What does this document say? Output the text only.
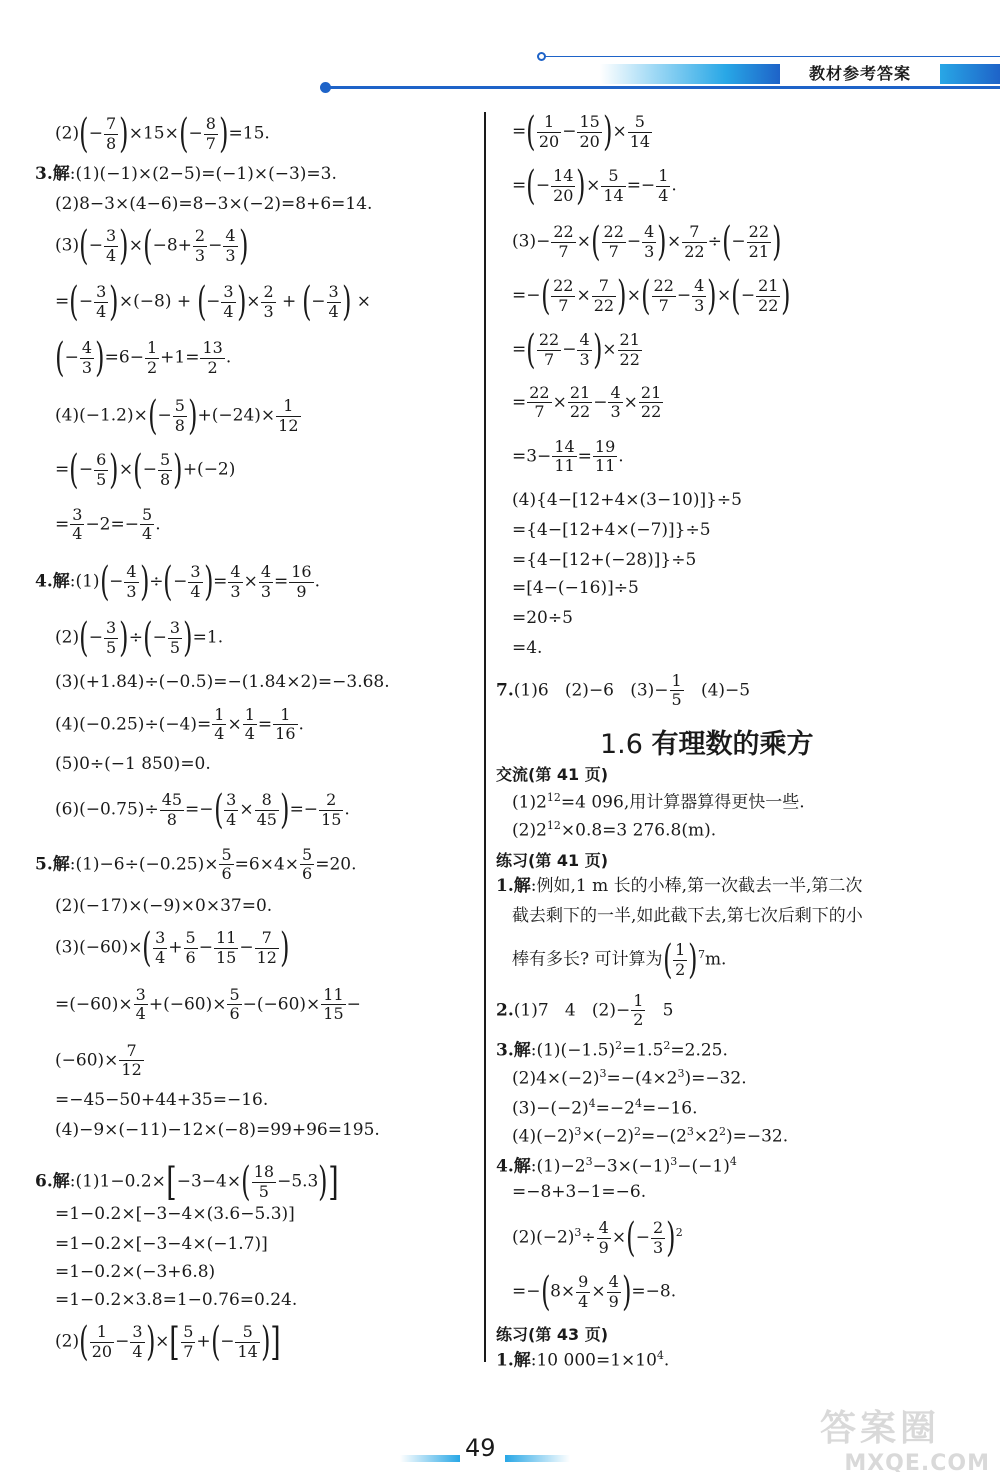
教材参考答案
$(2)(- \frac{7}{8} )\times 15\times(- \frac{8}{7} )=15$.
3.解:(1)(−1)×(2−5)=(−1)×(−3)=3.
(2)8−3×(4−6)=8−3×(−2)=8+6=14.
$(3)(- \frac{3}{4} )\times(-8+ \frac{2}{3} - \frac{4}{3}$ )
=(− $\frac{3}{4} )\times(-8)$ + (− $\frac{3}{4}$ )× $\frac{2}{3}$ + (− $\frac{3}{4}$ ) ×
(− $\frac{4}{3} )=6- \frac{1}{2} +1= \frac{13}{2}$ .
$(4)(-1.2)\times(- \frac{5}{8} )+(-24)\times \frac{1}{12}$
=(− $\frac{6}{5}$ )×(− $\frac{5}{8} )+(-2)$
= $\frac{3}{4} -2=- \frac{5}{4}$ .
4.解:(1)(− $\frac{4}{3}$ )÷(− $\frac{3}{4}$ )= $\frac{4}{3} \times \frac{4}{3} = \frac{16}{9}$ .
$(2)(- \frac{3}{5}$ )÷(− $\frac{3}{5} )=1$.
(3)(+1.84)÷(−0.5)=−(1.84×2)=−3.68.
$(4)(-0.25)\div(-4)= \frac{1}{4} \times \frac{1}{4} = \frac{1}{16}$ .
(5)0÷(−1 850)=0.
$(6)(-0.75)\div \frac{45}{8}$ =−( $\frac{3}{4} \times \frac{8}{45}$ )=− $\frac{2}{15}$ .
5.解:(1)−6÷(−0.25)× $\frac{5}{6} =6\times 4\times \frac{5}{6} =20$.
(2)(−17)×(−9)×0×37=0.
$(3)(-60)\times( \frac{3}{4} + \frac{5}{6} - \frac{11}{15} - \frac{7}{12}$ )
$=(-60)\times \frac{3}{4} +(-60)\times \frac{5}{6} -(-60)\times \frac{11}{15}$ −
$(-60)\times \frac{7}{12}$
=−45−50+44+35=−16.
(4)−9×(−11)−12×(−8)=99+96=195.
6.解:(1)1−0.2×[−3−4×( $\frac{18}{5} -5.3$)]
=1−0.2×[−3−4×(3.6−5.3)]
=1−0.2×[−3−4×(−1.7)]
=1−0.2×(−3+6.8)
=1−0.2×3.8=1−0.76=0.24.
$(2)( \frac{1}{20} - \frac{3}{4}$ )×[ $\frac{5}{7}$ +(− $\frac{5}{14}$ )]
=( $\frac{1}{20} - \frac{15}{20}$ )× $\frac{5}{14}$
=(− $\frac{14}{20}$ )× $\frac{5}{14} =- \frac{1}{4}$ .
$(3)- \frac{22}{7}$ ×( $\frac{22}{7} - \frac{4}{3}$ )× $\frac{7}{22}$ ÷(− $\frac{22}{21}$ )
=−( $\frac{22}{7} \times \frac{7}{22}$ )×( $\frac{22}{7} - \frac{4}{3}$ )×(− $\frac{21}{22}$ )
=( $\frac{22}{7} - \frac{4}{3}$ )× $\frac{21}{22}$
= $\frac{22}{7} \times \frac{21}{22} - \frac{4}{3} \times \frac{21}{22}$
$=3- \frac{14}{11} = \frac{19}{11}$ .
(4){4−[12+4×(3−10)]}÷5
={4−[12+4×(−7)]}÷5
={4−[12+(−28)]}÷5
=[4−(−16)]÷5
=20÷5
=4.
7.(1)6   (2)−6   $(3)- \frac{1}{5} (4)-5$
1.6 有理数的乘方
交流(第 41 页)
$(1)2^{12}=4$ 096,用计算器算得更快一些.
$(2)2^{12}\times 0.8=3$ 276.8(m).
练习(第 41 页)
1.解:例如,1 m 长的小棒,第一次截去一半,第二次
截去剩下的一半,如此截下去,第七次后剩下的小
棒有多长? 可计算为( $\frac{1}{2} )^7m$.
2.(1)7   4   $(2)- \frac{1}{2} 5$
3.解$:(1)(-1.5)^2=1.5^2=2.25$.
$(2)4\times(-2)^3=-(4\times 2^3)=-32$.
$(3)-(-2)^4=-2^4=-16$.
$(4)(-2)^3\times(-2)^2=-(2^3\times 2^2)=-32$.
4.解$:(1)-2^3-3\times(-1)^3-(-1)^4$
=−8+3−1=−6.
$(2)(-2)^3\div \frac{4}{9}$ ×(− $\frac{2}{3} )^2$
$=-(8\times \frac{9}{4} \times \frac{4}{9} )=-8$.
练习(第 43 页)
1.解:10 $000=1\times 10^4$.
49	答案圈
MXQE.COM
